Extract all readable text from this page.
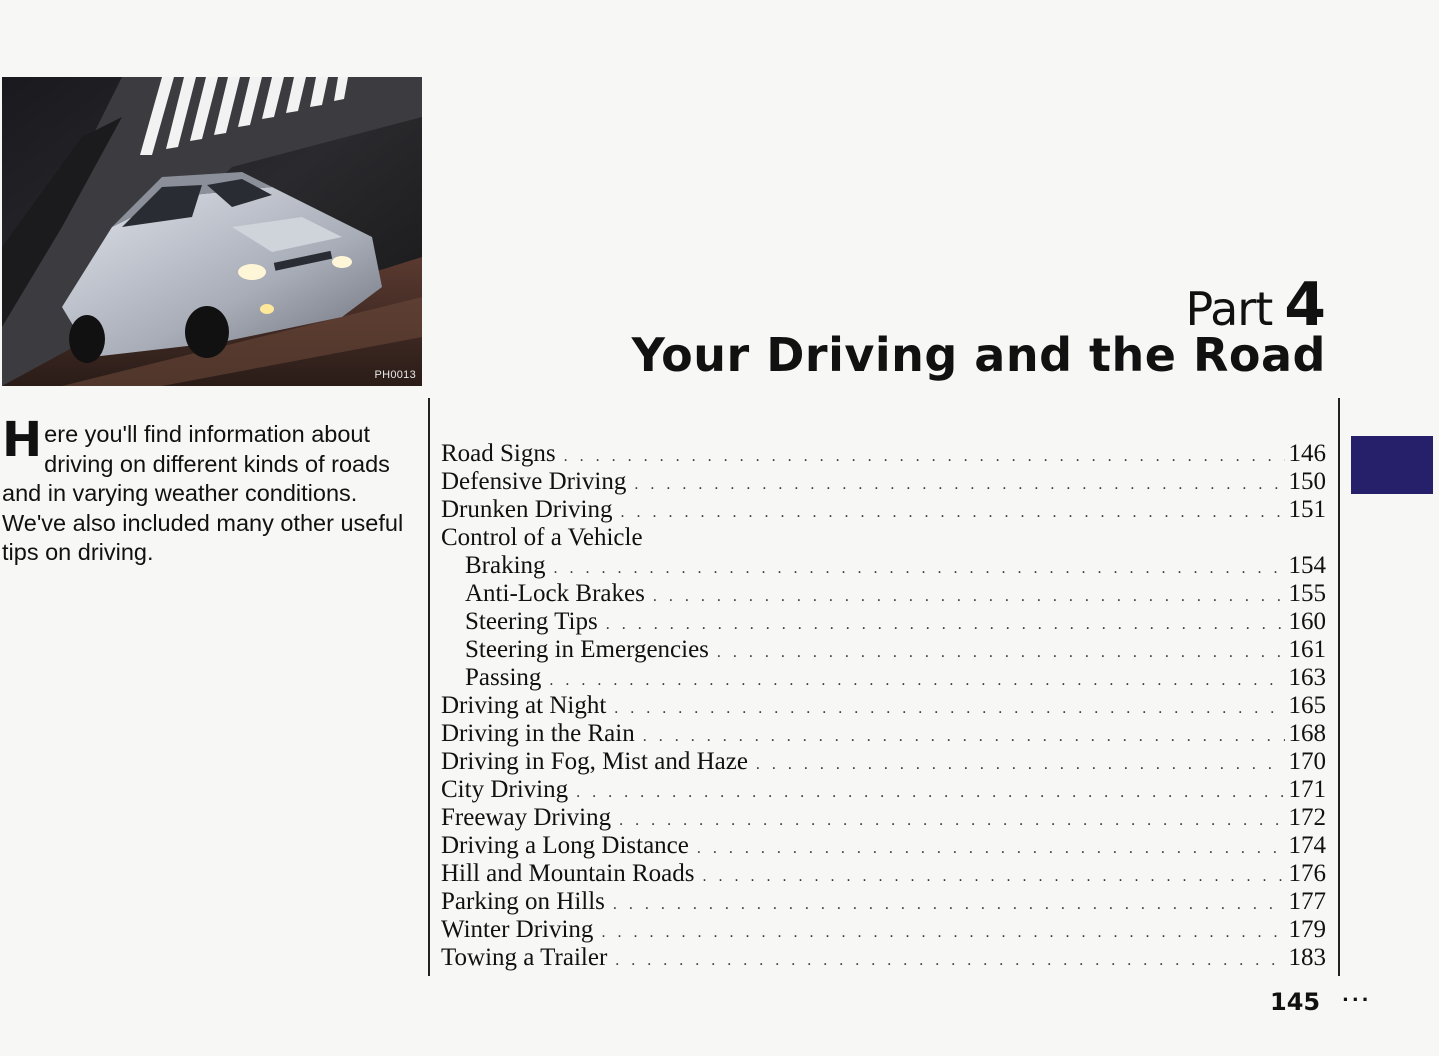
PH0013
Part 4
Your Driving and the Road
Here you'll find information about driving on different kinds of roads and in varying weather conditions. We've also included many other useful tips on driving.
Road Signs . . .	146
Defensive Driving . . .	150
Drunken Driving . . .	151
Control of a Vehicle
Braking . . .	154
Anti-Lock Brakes . . .	155
Steering Tips . . .	160
Steering in Emergencies . . .	161
Passing . . .	163
Driving at Night . . .	165
Driving in the Rain . . .	168
Driving in Fog, Mist and Haze . . .	170
City Driving . . .	171
Freeway Driving . . .	172
Driving a Long Distance . . .	174
Hill and Mountain Roads . . .	176
Parking on Hills . . .	177
Winter Driving . . .	179
Towing a Trailer . . .	183
145 ...
